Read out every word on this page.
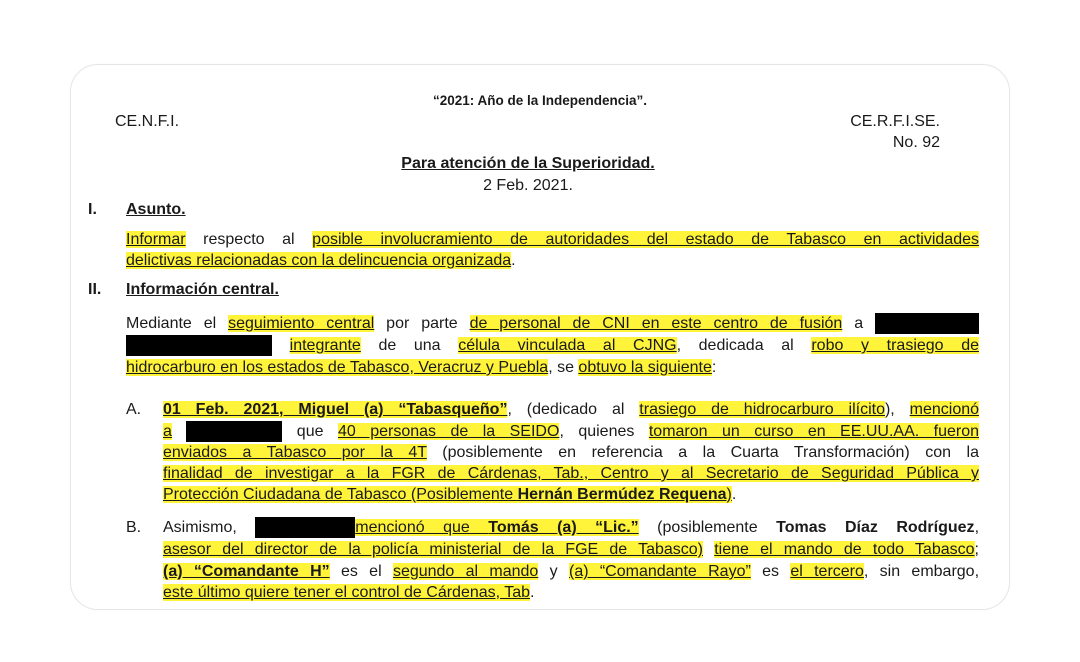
“2021: Año de la Independencia”.
CE.N.F.I.	CE.R.F.I.SE.
No. 92
Para atención de la Superioridad.
2 Feb. 2021.
I. Asunto.
Informar respecto al posible involucramiento de autoridades del estado de Tabasco en actividades
delictivas relacionadas con la delincuencia organizada.
II. Información central.
Mediante el seguimiento central por parte de personal de CNI en este centro de fusión a
integrante de una célula vinculada al CJNG, dedicada al robo y trasiego de
hidrocarburo en los estados de Tabasco, Veracruz y Puebla, se obtuvo la siguiente:
A. 01 Feb. 2021, Miguel (a) “Tabasqueño”, (dedicado al trasiego de hidrocarburo ilícito), mencionó
a	que 40 personas de la SEIDO, quienes tomaron un curso en EE.UU.AA. fueron
enviados a Tabasco por la 4T (posiblemente en referencia a la Cuarta Transformación) con la
finalidad de investigar a la FGR de Cárdenas, Tab., Centro y al Secretario de Seguridad Pública y
Protección Ciudadana de Tabasco (Posiblemente Hernán Bermúdez Requena).
B. Asimismo,	mencionó que Tomás (a) “Lic.” (posiblemente Tomas Díaz Rodríguez,
asesor del director de la policía ministerial de la FGE de Tabasco) tiene el mando de todo Tabasco;
(a) “Comandante H” es el segundo al mando y (a) “Comandante Rayo” es el tercero, sin embargo,
este último quiere tener el control de Cárdenas, Tab.
